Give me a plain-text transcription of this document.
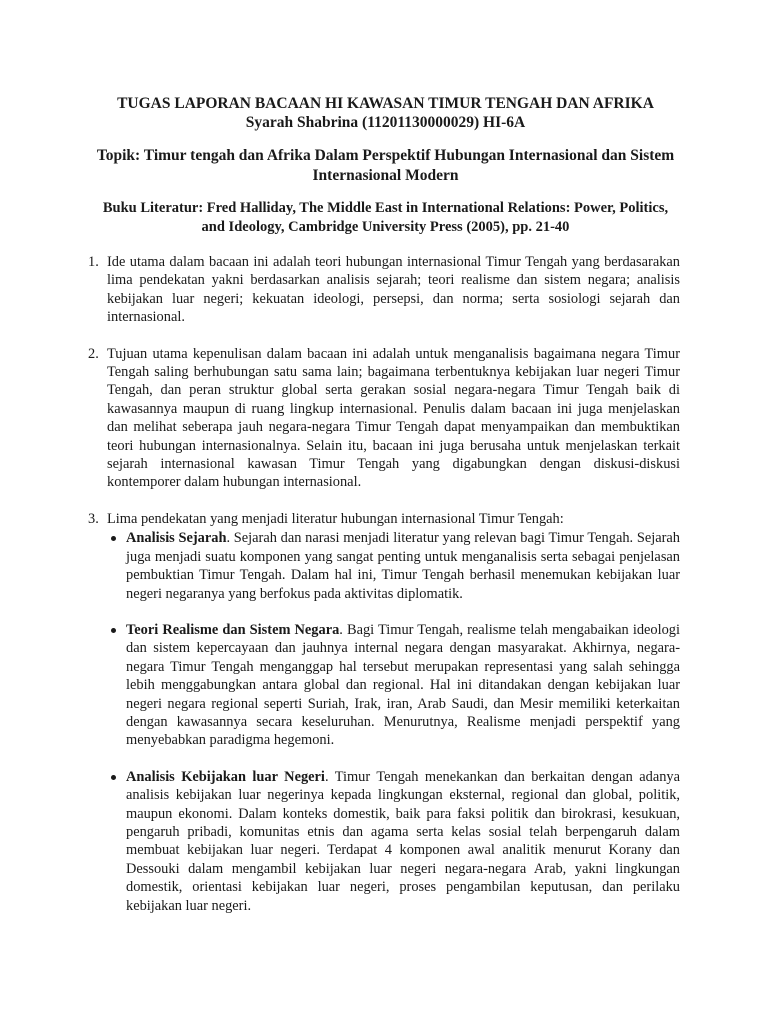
TUGAS LAPORAN BACAAN HI KAWASAN TIMUR TENGAH DAN AFRIKA
Syarah Shabrina (11201130000029) HI-6A
Topik: Timur tengah dan Afrika Dalam Perspektif Hubungan Internasional dan Sistem Internasional Modern
Buku Literatur: Fred Halliday, The Middle East in International Relations: Power, Politics, and Ideology, Cambridge University Press (2005), pp. 21-40
1. Ide utama dalam bacaan ini adalah teori hubungan internasional Timur Tengah yang berdasarakan lima pendekatan yakni berdasarkan analisis sejarah; teori realisme dan sistem negara; analisis kebijakan luar negeri; kekuatan ideologi, persepsi, dan norma; serta sosiologi sejarah dan internasional.
2. Tujuan utama kepenulisan dalam bacaan ini adalah untuk menganalisis bagaimana negara Timur Tengah saling berhubungan satu sama lain; bagaimana terbentuknya kebijakan luar negeri Timur Tengah, dan peran struktur global serta gerakan sosial negara-negara Timur Tengah baik di kawasannya maupun di ruang lingkup internasional. Penulis dalam bacaan ini juga menjelaskan dan melihat seberapa jauh negara-negara Timur Tengah dapat menyampaikan dan membuktikan teori hubungan internasionalnya. Selain itu, bacaan ini juga berusaha untuk menjelaskan terkait sejarah internasional kawasan Timur Tengah yang digabungkan dengan diskusi-diskusi kontemporer dalam hubungan internasional.
3. Lima pendekatan yang menjadi literatur hubungan internasional Timur Tengah:
Analisis Sejarah. Sejarah dan narasi menjadi literatur yang relevan bagi Timur Tengah. Sejarah juga menjadi suatu komponen yang sangat penting untuk menganalisis serta sebagai penjelasan pembuktian Timur Tengah. Dalam hal ini, Timur Tengah berhasil menemukan kebijakan luar negeri negaranya yang berfokus pada aktivitas diplomatik.
Teori Realisme dan Sistem Negara. Bagi Timur Tengah, realisme telah mengabaikan ideologi dan sistem kepercayaan dan jauhnya internal negara dengan masyarakat. Akhirnya, negara-negara Timur Tengah menganggap hal tersebut merupakan representasi yang salah sehingga lebih menggabungkan antara global dan regional. Hal ini ditandakan dengan kebijakan luar negeri negara regional seperti Suriah, Irak, iran, Arab Saudi, dan Mesir memiliki keterkaitan dengan kawasannya secara keseluruhan. Menurutnya, Realisme menjadi perspektif yang menyebabkan paradigma hegemoni.
Analisis Kebijakan luar Negeri. Timur Tengah menekankan dan berkaitan dengan adanya analisis kebijakan luar negerinya kepada lingkungan eksternal, regional dan global, politik, maupun ekonomi. Dalam konteks domestik, baik para faksi politik dan birokrasi, kesukuan, pengaruh pribadi, komunitas etnis dan agama serta kelas sosial telah berpengaruh dalam membuat kebijakan luar negeri. Terdapat 4 komponen awal analitik menurut Korany dan Dessouki dalam mengambil kebijakan luar negeri negara-negara Arab, yakni lingkungan domestik, orientasi kebijakan luar negeri, proses pengambilan keputusan, dan perilaku kebijakan luar negeri.
